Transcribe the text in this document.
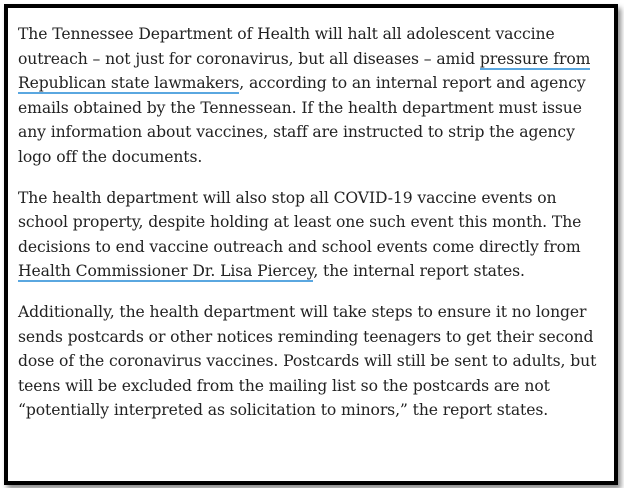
The Tennessee Department of Health will halt all adolescent vaccine outreach – not just for coronavirus, but all diseases – amid pressure from Republican state lawmakers, according to an internal report and agency emails obtained by the Tennessean. If the health department must issue any information about vaccines, staff are instructed to strip the agency logo off the documents.

The health department will also stop all COVID-19 vaccine events on school property, despite holding at least one such event this month. The decisions to end vaccine outreach and school events come directly from Health Commissioner Dr. Lisa Piercey, the internal report states.

Additionally, the health department will take steps to ensure it no longer sends postcards or other notices reminding teenagers to get their second dose of the coronavirus vaccines. Postcards will still be sent to adults, but teens will be excluded from the mailing list so the postcards are not “potentially interpreted as solicitation to minors,” the report states.
